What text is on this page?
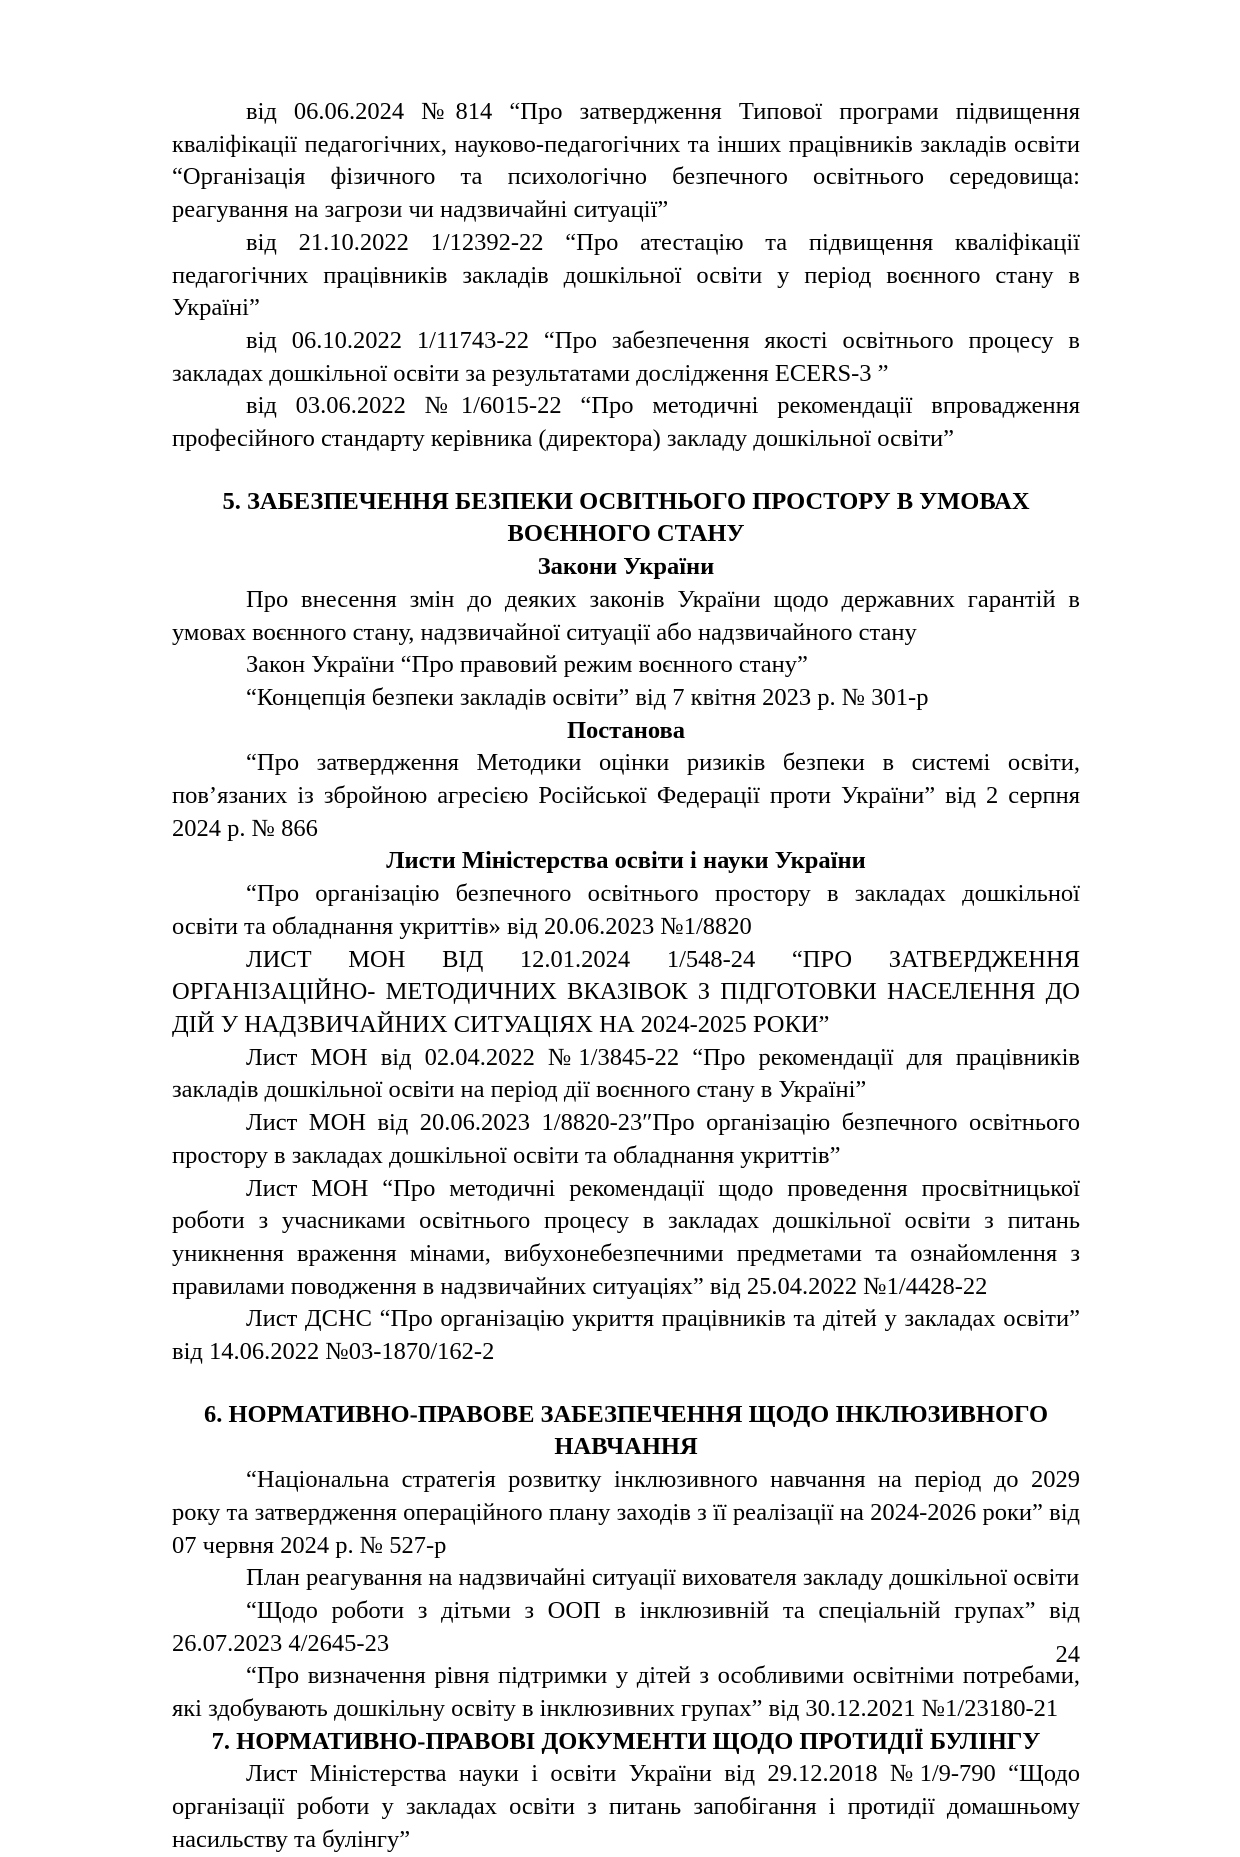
від 06.06.2024 №814 “Про затвердження Типової програми підвищення кваліфікації педагогічних, науково-педагогічних та інших працівників закладів освіти “Організація фізичного та психологічно безпечного освітнього середовища: реагування на загрози чи надзвичайні ситуації”

від 21.10.2022 1/12392-22 “Про атестацію та підвищення кваліфікації педагогічних працівників закладів дошкільної освіти у період воєнного стану в Україні”

від 06.10.2022 1/11743-22 “Про забезпечення якості освітнього процесу в закладах дошкільної освіти за результатами дослідження ECERS-3 ”

від 03.06.2022 №1/6015-22 “Про методичні рекомендації впровадження професійного стандарту керівника (директора) закладу дошкільної освіти”

5. ЗАБЕЗПЕЧЕННЯ БЕЗПЕКИ ОСВІТНЬОГО ПРОСТОРУ В УМОВАХ
ВОЄННОГО СТАНУ
Закони України

Про внесення змін до деяких законів України щодо державних гарантій в умовах воєнного стану, надзвичайної ситуації або надзвичайного стану

Закон України “Про правовий режим воєнного стану”

“Концепція безпеки закладів освіти” від 7 квітня 2023 р. № 301-р

Постанова

“Про затвердження Методики оцінки ризиків безпеки в системі освіти, пов’язаних із збройною агресією Російської Федерації проти України” від 2 серпня 2024 р. № 866

Листи Міністерства освіти і науки України

“Про організацію безпечного освітнього простору в закладах дошкільної освіти та обладнання укриттів» від 20.06.2023 №1/8820

ЛИСТ МОН ВІД 12.01.2024 1/548-24 “ПРО ЗАТВЕРДЖЕННЯ ОРГАНІЗАЦІЙНО- МЕТОДИЧНИХ ВКАЗІВОК З ПІДГОТОВКИ НАСЕЛЕННЯ ДО ДІЙ У НАДЗВИЧАЙНИХ СИТУАЦІЯХ НА 2024-2025 РОКИ”

Лист МОН від 02.04.2022 №1/3845-22 “Про рекомендації для працівників закладів дошкільної освіти на період дії воєнного стану в Україні”

Лист МОН від 20.06.2023 1/8820-23″Про організацію безпечного освітнього простору в закладах дошкільної освіти та обладнання укриттів”

Лист МОН “Про методичні рекомендації щодо проведення просвітницької роботи з учасниками освітнього процесу в закладах дошкільної освіти з питань уникнення враження мінами, вибухонебезпечними предметами та ознайомлення з правилами поводження в надзвичайних ситуаціях” від 25.04.2022 №1/4428-22

Лист ДСНС “Про організацію укриття працівників та дітей у закладах освіти” від 14.06.2022 №03-1870/162-2

6. НОРМАТИВНО-ПРАВОВЕ ЗАБЕЗПЕЧЕННЯ ЩОДО ІНКЛЮЗИВНОГО
НАВЧАННЯ

“Національна стратегія розвитку інклюзивного навчання на період до 2029 року та затвердження операційного плану заходів з її реалізації на 2024-2026 роки” від 07 червня 2024 р. № 527-р

План реагування на надзвичайні ситуації вихователя закладу дошкільної освіти

“Щодо роботи з дітьми з ООП в інклюзивній та спеціальній групах” від 26.07.2023 4/2645-23

“Про визначення рівня підтримки у дітей з особливими освітніми потребами, які здобувають дошкільну освіту в інклюзивних групах” від 30.12.2021 №1/23180-21

7. НОРМАТИВНО-ПРАВОВІ ДОКУМЕНТИ ЩОДО ПРОТИДІЇ БУЛІНГУ

Лист Міністерства науки і освіти України від 29.12.2018 №1/9-790 “Щодо організації роботи у закладах освіти з питань запобігання і протидії домашньому насильству та булінгу”

24
